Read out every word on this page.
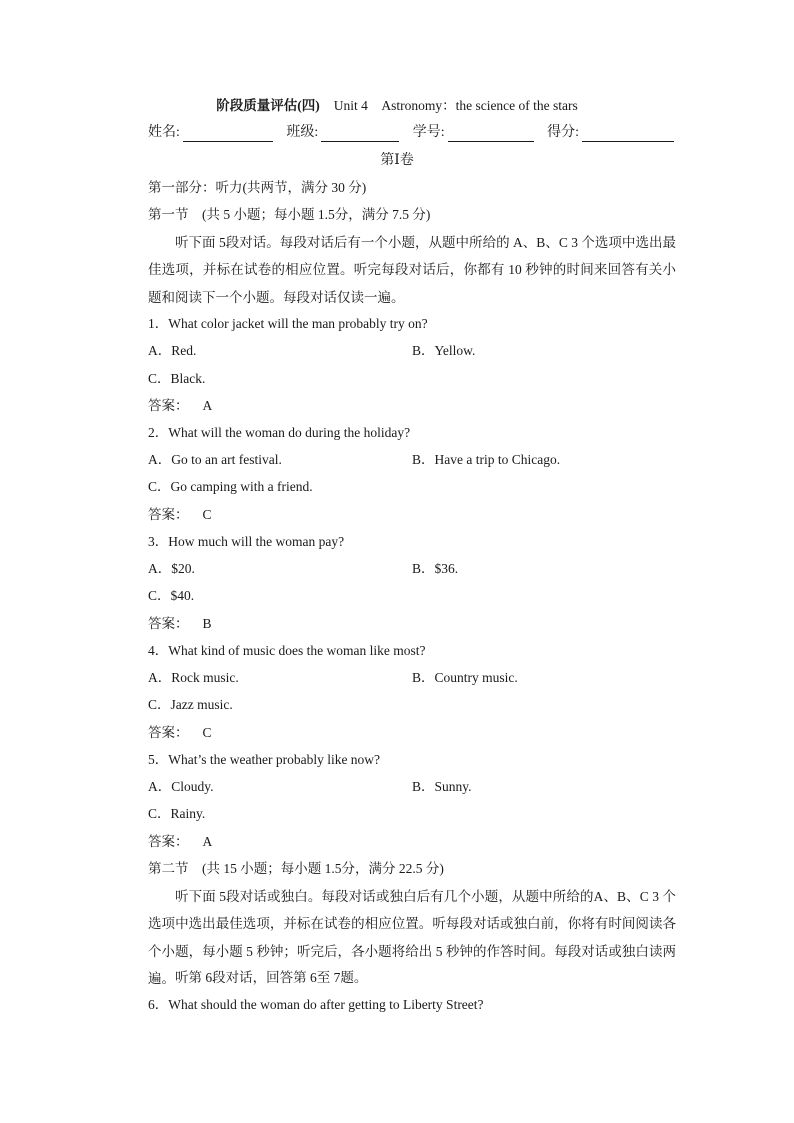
阶段质量评估(四) Unit 4　Astronomy：the science of the stars
姓名:	班级:	学号:	得分:
第Ⅰ卷
第一部分：听力(共两节，满分 30 分)
第一节　(共 5 小题；每小题 1.5分，满分 7.5 分)
听下面 5段对话。每段对话后有一个小题，从题中所给的 A、B、C 3 个选项中选出最佳选项，并标在试卷的相应位置。听完每段对话后，你都有 10 秒钟的时间来回答有关小题和阅读下一个小题。每段对话仅读一遍。
1．What color jacket will the man probably try on?
A．Red.	B．Yellow.
C．Black.
答案： A
2．What will the woman do during the holiday?
A．Go to an art festival.	B．Have a trip to Chicago.
C．Go camping with a friend.
答案： C
3．How much will the woman pay?
A．$20.	B．$36.
C．$40.
答案： B
4．What kind of music does the woman like most?
A．Rock music.	B．Country music.
C．Jazz music.
答案： C
5．What’s the weather probably like now?
A．Cloudy.	B．Sunny.
C．Rainy.
答案： A
第二节　(共 15 小题；每小题 1.5分，满分 22.5 分)
听下面 5段对话或独白。每段对话或独白后有几个小题，从题中所给的A、B、C 3 个选项中选出最佳选项，并标在试卷的相应位置。听每段对话或独白前，你将有时间阅读各个小题，每小题 5 秒钟；听完后，各小题将给出 5 秒钟的作答时间。每段对话或独白读两遍。 听第 6段对话，回答第 6至 7题。
6．What should the woman do after getting to Liberty Street?
